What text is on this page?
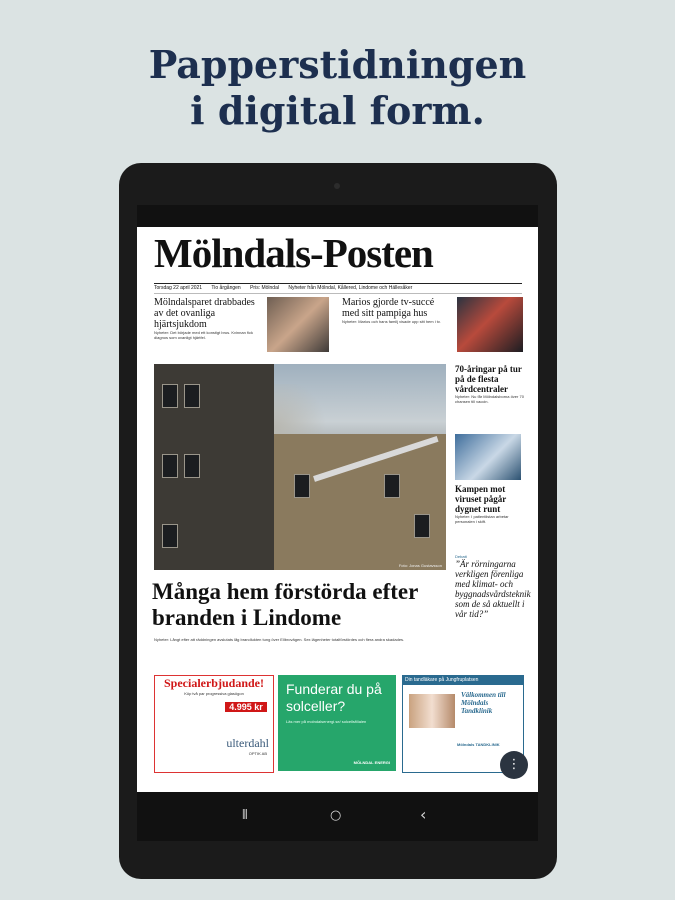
Papperstidningen
i digital form.
Mölndals-Posten
Torsdag 22 april 2021 Tio årgången Pris: Mölndal Nyheter från Mölndal, Kållered, Lindome och Hällesåker
Mölndalsparet drabbades av det ovanliga hjärtsjukdom
Nyheter: Det började med ett konstigt brus. Kvinnan fick diagnos som ovanligt hjärtfel.
Marios gjorde tv-succé med sitt pampiga hus
Nyheter: Marios och hans familj visade upp sitt hem i tv.
Foto: Jonas Gustavsson
Många hem förstörda efter branden i Lindome
Nyheter: Långt efter att räddningen avslutats låg brandlukten tung över Ellbrovägen. Sex lägenheter totalförstördes och flera andra skadades.
70-åringar på tur på de flesta vårdcentraler
Nyheter: Nu får Mölndalsborna över 70 chansen till vaccin.
Kampen mot viruset pågår dygnet runt
Nyheter: I patientlistan arbetar personalen i skift.
Debatt
”Är rörningarna verkligen förenliga med klimat- och byggnadsvårdsteknik som de så aktuellt i vår tid?”
Specialerbjudande!
Köp två par progressiva glasögon
4.995 kr
ulterdahl
OPTIK AB
Funderar du på solceller?
Läs mer på molndalsenergi.se/ solcellsfilialen
MÖLNDAL ENERGI
Din tandläkare på Jungfruplatsen
Välkommen till Mölndals Tandklinik
Mölndals TANDKLINIK
⋮
⦀	○	‹
